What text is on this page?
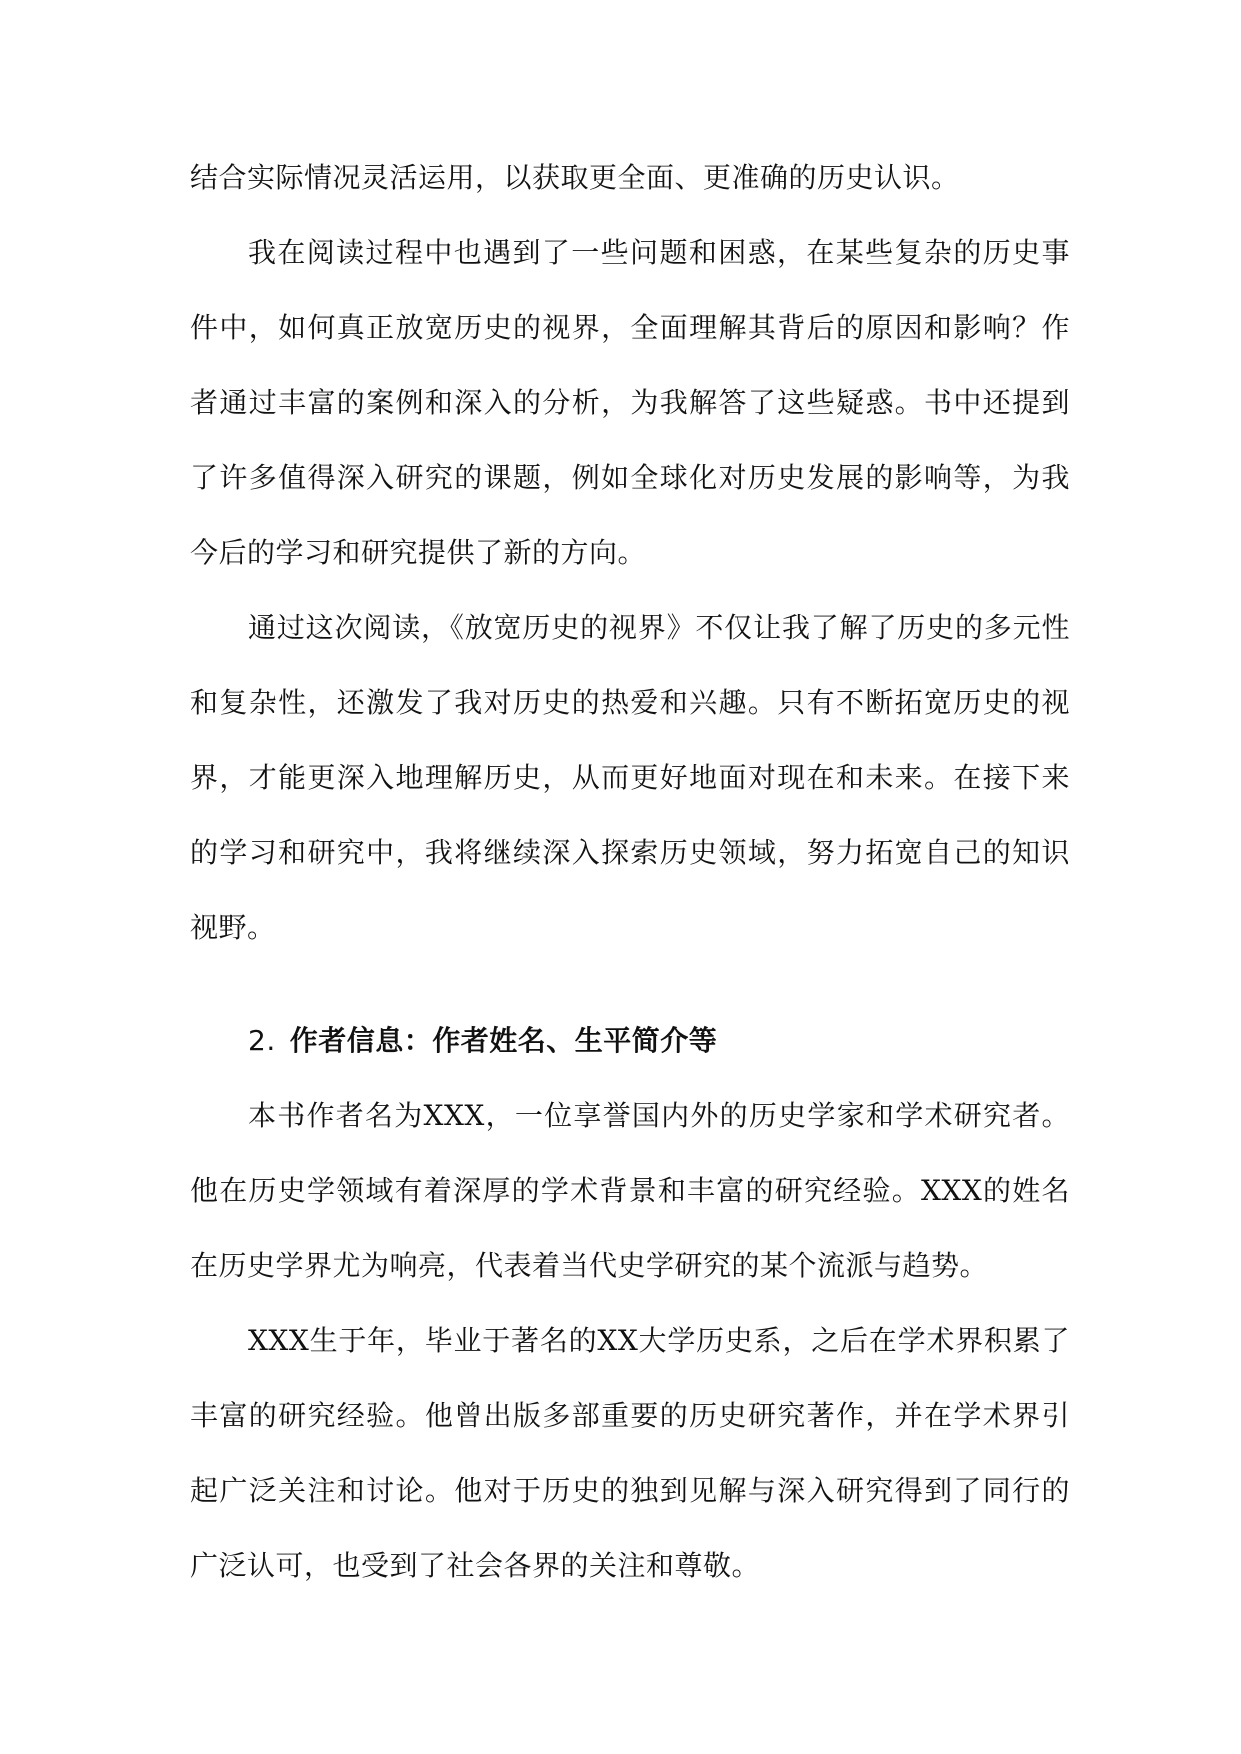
结合实际情况灵活运用，以获取更全面、更准确的历史认识。

我在阅读过程中也遇到了一些问题和困惑，在某些复杂的历史事件中，如何真正放宽历史的视界，全面理解其背后的原因和影响？作者通过丰富的案例和深入的分析，为我解答了这些疑惑。书中还提到了许多值得深入研究的课题，例如全球化对历史发展的影响等，为我今后的学习和研究提供了新的方向。

通过这次阅读，《放宽历史的视界》不仅让我了解了历史的多元性和复杂性，还激发了我对历史的热爱和兴趣。只有不断拓宽历史的视界，才能更深入地理解历史，从而更好地面对现在和未来。在接下来的学习和研究中，我将继续深入探索历史领域，努力拓宽自己的知识视野。

2. 作者信息：作者姓名、生平简介等

本书作者名为XXX，一位享誉国内外的历史学家和学术研究者。他在历史学领域有着深厚的学术背景和丰富的研究经验。XXX的姓名在历史学界尤为响亮，代表着当代史学研究的某个流派与趋势。

XXX生于年，毕业于著名的XX大学历史系，之后在学术界积累了丰富的研究经验。他曾出版多部重要的历史研究著作，并在学术界引起广泛关注和讨论。他对于历史的独到见解与深入研究得到了同行的广泛认可，也受到了社会各界的关注和尊敬。
